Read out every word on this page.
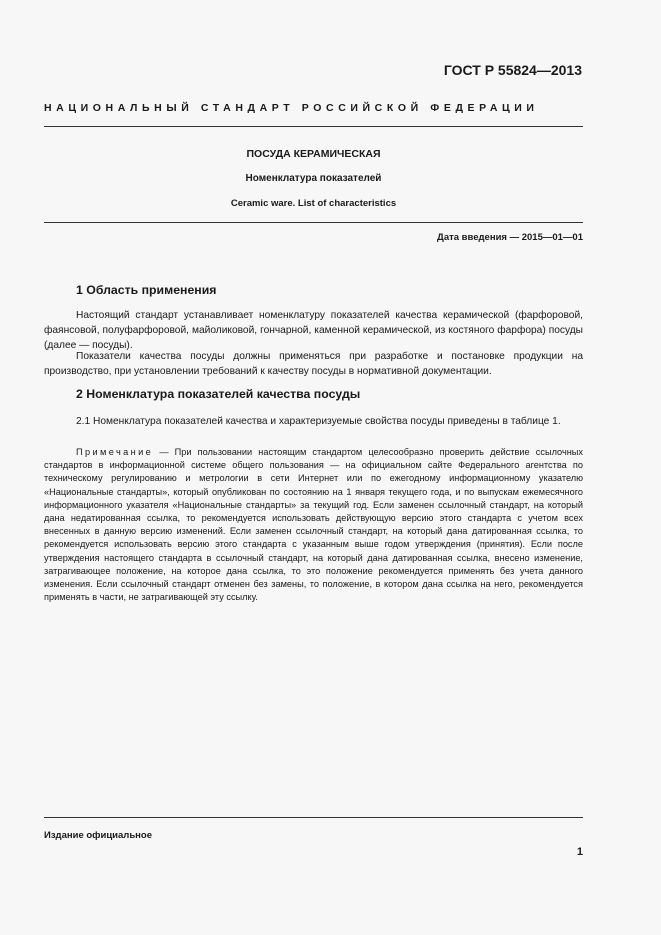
ГОСТ Р 55824—2013
НАЦИОНАЛЬНЫЙ СТАНДАРТ РОССИЙСКОЙ ФЕДЕРАЦИИ
ПОСУДА КЕРАМИЧЕСКАЯ
Номенклатура показателей
Ceramic ware. List of characteristics
Дата введения — 2015—01—01
1 Область применения

Настоящий стандарт устанавливает номенклатуру показателей качества керамической (фарфоровой, фаянсовой, полуфарфоровой, майоликовой, гончарной, каменной керамической, из костяного фарфора) посуды (далее — посуды).

Показатели качества посуды должны применяться при разработке и постановке продукции на производство, при установлении требований к качеству посуды в нормативной документации.

2 Номенклатура показателей качества посуды

2.1 Номенклатура показателей качества и характеризуемые свойства посуды приведены в таблице 1.

Примечание — При пользовании настоящим стандартом целесообразно проверить действие ссылочных стандартов в информационной системе общего пользования — на официальном сайте Федерального агентства по техническому регулированию и метрологии в сети Интернет или по ежегодному информационному указателю «Национальные стандарты», который опубликован по состоянию на 1 января текущего года, и по выпускам ежемесячного информационного указателя «Национальные стандарты» за текущий год. Если заменен ссылочный стандарт, на который дана недатированная ссылка, то рекомендуется использовать действующую версию этого стандарта с учетом всех внесенных в данную версию изменений. Если заменен ссылочный стандарт, на который дана датированная ссылка, то рекомендуется использовать версию этого стандарта с указанным выше годом утверждения (принятия). Если после утверждения настоящего стандарта в ссылочный стандарт, на который дана датированная ссылка, внесено изменение, затрагивающее положение, на которое дана ссылка, то это положение рекомендуется применять без учета данного изменения. Если ссылочный стандарт отменен без замены, то положение, в котором дана ссылка на него, рекомендуется применять в части, не затрагивающей эту ссылку.

Издание официальное
1
